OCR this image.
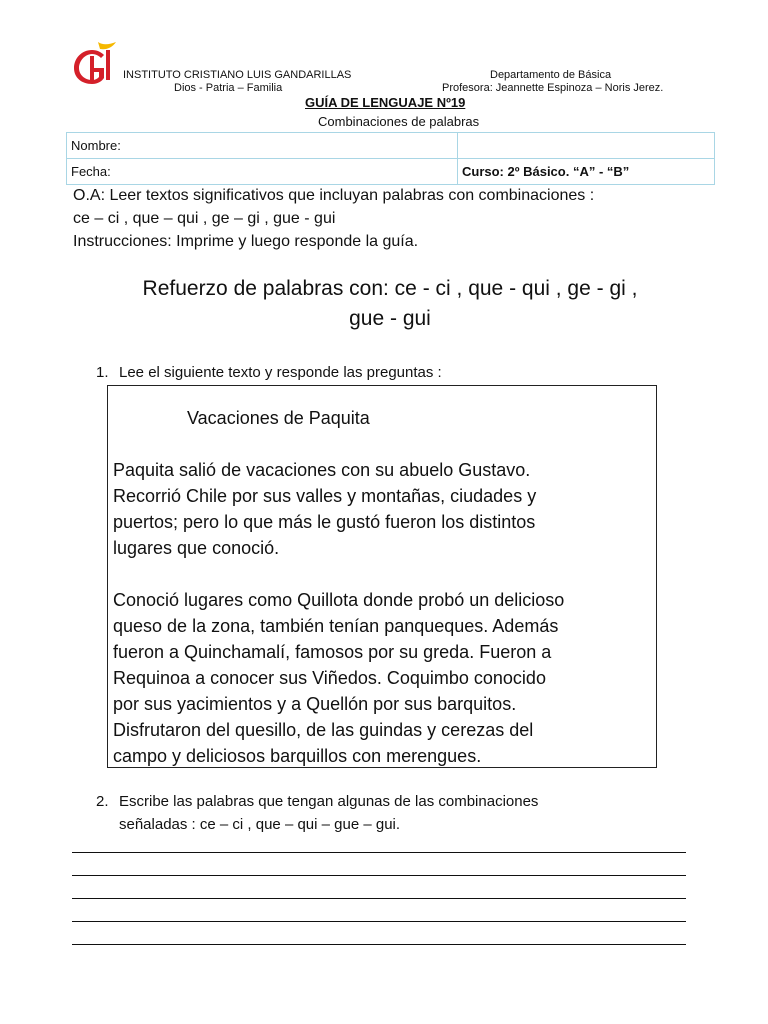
INSTITUTO CRISTIANO LUIS GANDARILLAS
Dios - Patria – Familia
Departamento de Básica
Profesora: Jeannette Espinoza – Noris Jerez.
GUÍA DE LENGUAJE Nº19
Combinaciones de palabras
Nombre:	
Fecha:	Curso: 2º Básico. “A” - “B”
O.A: Leer textos significativos que incluyan palabras con combinaciones :
ce – ci , que – qui , ge – gi , gue - gui
Instrucciones: Imprime y luego responde la guía.
Refuerzo de palabras con: ce - ci , que - qui , ge - gi ,
gue - gui
1. Lee el siguiente texto y responde las preguntas :
Vacaciones de Paquita
Paquita salió de vacaciones con su abuelo Gustavo.
Recorrió Chile por sus valles y montañas, ciudades y
puertos; pero lo que más le gustó fueron los distintos
lugares que conoció.
Conoció lugares como Quillota donde probó un delicioso
queso de la zona, también tenían panqueques. Además
fueron a Quinchamalí, famosos por su greda. Fueron a
Requinoa a conocer sus Viñedos. Coquimbo conocido
por sus yacimientos y a Quellón por sus barquitos.
Disfrutaron del quesillo, de las guindas y cerezas del
campo y deliciosos barquillos con merengues.
2. Escribe las palabras que tengan algunas de las combinaciones
señaladas : ce – ci , que – qui – gue – gui.
